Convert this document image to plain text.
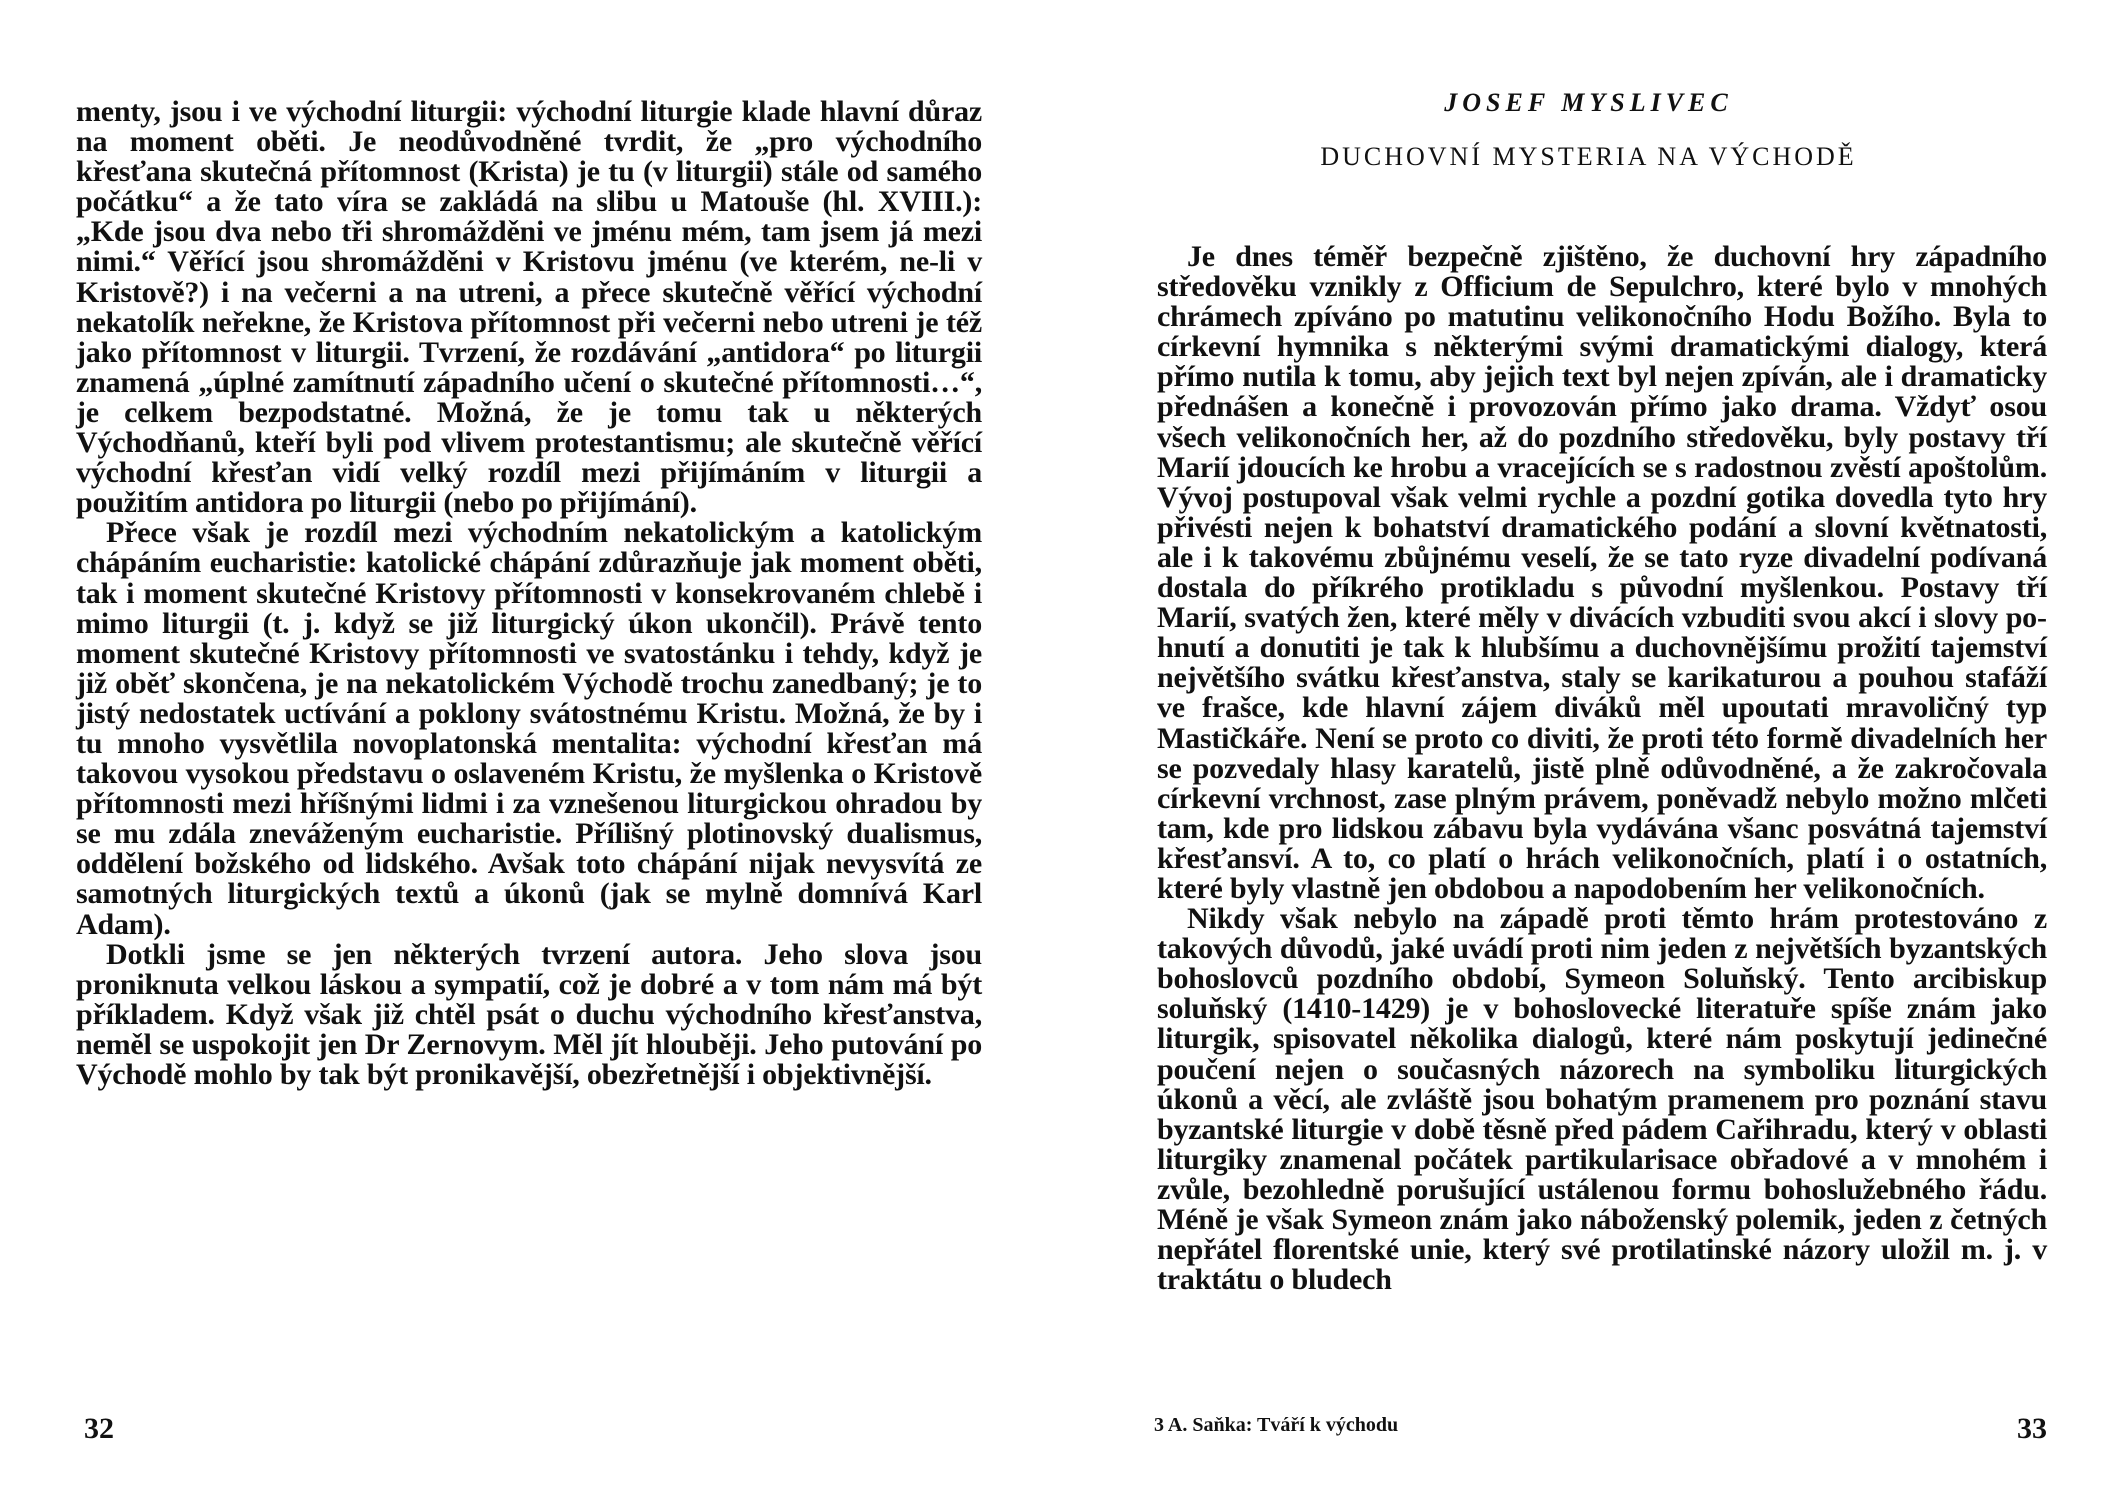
menty, jsou i ve východní liturgii: východní liturgie klade hlavní důraz na moment oběti. Je neodůvodněné tvrdit, že „pro východního křesťana skutečná přítomnost (Krista) je tu (v liturgii) stále od samého počátku“ a že tato víra se zakládá na slibu u Matouše (hl. XVIII.): „Kde jsou dva nebo tři shromážděni ve jménu mém, tam jsem já mezi nimi.“ Věřící jsou shromážděni v Kristovu jménu (ve kterém, ne-li v Kristově?) i na večerni a na utreni, a přece skutečně věřící východní nekatolík neřekne, že Kristova přítomnost při večerni nebo utreni je též jako přítomnost v liturgii. Tvrzení, že rozdávání „antidora“ po liturgii znamená „úplné zamítnutí západního učení o skutečné přítomnosti…“, je celkem bezpodstatné. Možná, že je tomu tak u některých Východňanů, kteří byli pod vlivem protestantismu; ale skutečně věřící východní křesťan vidí velký rozdíl mezi přijímáním v liturgii a použitím antidora po liturgii (nebo po přijímání).

Přece však je rozdíl mezi východním nekatolickým a katolickým chápáním eucharistie: katolické chápání zdůrazňuje jak moment oběti, tak i moment skutečné Kristovy přítomnosti v konsekrovaném chlebě i mimo liturgii (t. j. když se již liturgický úkon ukončil). Právě tento moment skutečné Kristovy přítomnosti ve svatostánku i tehdy, když je již oběť skončena, je na nekatolickém Východě trochu zanedbaný; je to jistý nedostatek uctívání a poklony svátostnému Kristu. Možná, že by i tu mnoho vysvětlila novoplatonská mentalita: východní křesťan má takovou vysokou představu o oslaveném Kristu, že myšlenka o Kristově přítomnosti mezi hříšnými lidmi i za vznešenou liturgickou ohradou by se mu zdála zneváženým eucharistie. Přílišný plotinovský dualismus, oddělení božského od lidského. Avšak toto chápání nijak nevysvítá ze samotných liturgických textů a úkonů (jak se mylně domnívá Karl Adam).

Dotkli jsme se jen některých tvrzení autora. Jeho slova jsou proniknuta velkou láskou a sympatií, což je dobré a v tom nám má být příkladem. Když však již chtěl psát o duchu východního křesťanstva, neměl se uspokojit jen Dr Zernovym. Měl jít hlouběji. Jeho putování po Východě mohlo by tak být pronikavější, obezřetnější i objektivnější.

32
JOSEF MYSLIVEC
DUCHOVNÍ MYSTERIA NA VÝCHODĚ

Je dnes téměř bezpečně zjištěno, že duchovní hry západního středověku vznikly z Officium de Sepulchro, které bylo v mnohých chrámech zpíváno po matutinu velikonočního Hodu Božího. Byla to církevní hymnika s některými svými dramatickými dialogy, která přímo nutila k tomu, aby jejich text byl nejen zpíván, ale i dramaticky přednášen a konečně i provozován přímo jako drama. Vždyť osou všech velikonočních her, až do pozdního středověku, byly postavy tří Marií jdoucích ke hrobu a vracejících se s radostnou zvěstí apoštolům. Vývoj postupoval však velmi rychle a pozdní gotika dovedla tyto hry přivésti nejen k bohatství dramatického podání a slovní květnatosti, ale i k takovému zbůjnému veselí, že se tato ryze divadelní podívaná dostala do příkrého protikladu s původní myšlenkou. Postavy tří Marií, svatých žen, které měly v divácích vzbuditi svou akcí i slovy pohnutí a donutiti je tak k hlubšímu a duchovnějšímu prožití tajemství největšího svátku křesťanstva, staly se karikaturou a pouhou stafáží ve frašce, kde hlavní zájem diváků měl upoutati mravoličný typ Mastičkáře. Není se proto co diviti, že proti této formě divadelních her se pozvedaly hlasy karatelů, jistě plně odůvodněné, a že zakročovala církevní vrchnost, zase plným právem, poněvadž nebylo možno mlčeti tam, kde pro lidskou zábavu byla vydávána všanc posvátná tajemství křesťansví. A to, co platí o hrách velikonočních, platí i o ostatních, které byly vlastně jen obdobou a napodobením her velikonočních.

Nikdy však nebylo na západě proti těmto hrám protestováno z takových důvodů, jaké uvádí proti nim jeden z největších byzantských bohoslovců pozdního období, Symeon Soluňský. Tento arcibiskup soluňský (1410-1429) je v bohoslovecké literatuře spíše znám jako liturgik, spisovatel několika dialogů, které nám poskytují jedinečné poučení nejen o současných názorech na symboliku liturgických úkonů a věcí, ale zvláště jsou bohatým pramenem pro poznání stavu byzantské liturgie v době těsně před pádem Cařihradu, který v oblasti liturgiky znamenal počátek partikularisace obřadové a v mnohém i zvůle, bezohledně porušující ustálenou formu bohoslužebného řádu. Méně je však Symeon znám jako náboženský polemik, jeden z četných nepřátel florentské unie, který své protilatinské názory uložil m. j. v traktátu o bludech

3 A. Saňka: Tváří k východu	33
